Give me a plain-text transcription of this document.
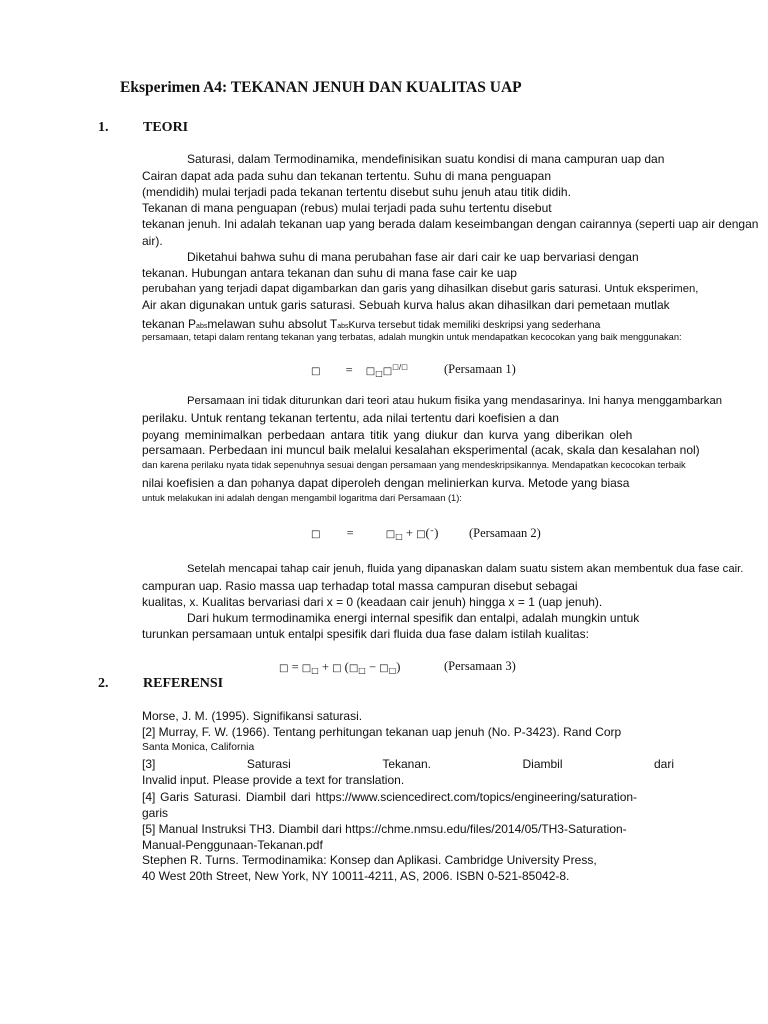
Eksperimen A4: TEKANAN JENUH DAN KUALITAS UAP
1. TEORI
Saturasi, dalam Termodinamika, mendefinisikan suatu kondisi di mana campuran uap dan
Cairan dapat ada pada suhu dan tekanan tertentu. Suhu di mana penguapan
(mendidih) mulai terjadi pada tekanan tertentu disebut suhu jenuh atau titik didih.
Tekanan di mana penguapan (rebus) mulai terjadi pada suhu tertentu disebut
tekanan jenuh. Ini adalah tekanan uap yang berada dalam keseimbangan dengan cairannya (seperti uap air dengan
air).
Diketahui bahwa suhu di mana perubahan fase air dari cair ke uap bervariasi dengan
tekanan. Hubungan antara tekanan dan suhu di mana fase cair ke uap
perubahan yang terjadi dapat digambarkan dan garis yang dihasilkan disebut garis saturasi. Untuk eksperimen,
Air akan digunakan untuk garis saturasi. Sebuah kurva halus akan dihasilkan dari pemetaan mutlak
tekanan Pabsmelawan suhu absolut TabsKurva tersebut tidak memiliki deskripsi yang sederhana
persamaan, tetapi dalam rentang tekanan yang terbatas, adalah mungkin untuk mendapatkan kecocokan yang baik menggunakan:
□ = $□_□□^{□/□}$	(Persamaan 1)
Persamaan ini tidak diturunkan dari teori atau hukum fisika yang mendasarinya. Ini hanya menggambarkan
perilaku. Untuk rentang tekanan tertentu, ada nilai tertentu dari koefisien a dan
p0yang meminimalkan perbedaan antara titik yang diukur dan kurva yang diberikan oleh
persamaan. Perbedaan ini muncul baik melalui kesalahan eksperimental (acak, skala dan kesalahan nol)
dan karena perilaku nyata tidak sepenuhnya sesuai dengan persamaan yang mendeskripsikannya. Mendapatkan kecocokan terbaik
nilai koefisien a dan p0hanya dapat diperoleh dengan melinierkan kurva. Metode yang biasa
untuk melakukan ini adalah dengan mengambil logaritma dari Persamaan (1):
□ =	$□_□$ + □(¯) (Persamaan 2)
Setelah mencapai tahap cair jenuh, fluida yang dipanaskan dalam suatu sistem akan membentuk dua fase cair.
campuran uap. Rasio massa uap terhadap total massa campuran disebut sebagai
kualitas, x. Kualitas bervariasi dari x = 0 (keadaan cair jenuh) hingga x = 1 (uap jenuh).
Dari hukum termodinamika energi internal spesifik dan entalpi, adalah mungkin untuk
turunkan persamaan untuk entalpi spesifik dari fluida dua fase dalam istilah kualitas:
□ = $□_□$ + □ ($□_□$ − $□_□$)	(Persamaan 3)
2. REFERENSI
Morse, J. M. (1995). Signifikansi saturasi.
[2] Murray, F. W. (1966). Tentang perhitungan tekanan uap jenuh (No. P-3423). Rand Corp
Santa Monica, California
[3]	Saturasi	Tekanan.	Diambil	dari
Invalid input. Please provide a text for translation.
[4] Garis Saturasi. Diambil dari https://www.sciencedirect.com/topics/engineering/saturation-
garis
[5] Manual Instruksi TH3. Diambil dari https://chme.nmsu.edu/files/2014/05/TH3-Saturation-
Manual-Penggunaan-Tekanan.pdf
Stephen R. Turns. Termodinamika: Konsep dan Aplikasi. Cambridge University Press,
40 West 20th Street, New York, NY 10011-4211, AS, 2006. ISBN 0-521-85042-8.
